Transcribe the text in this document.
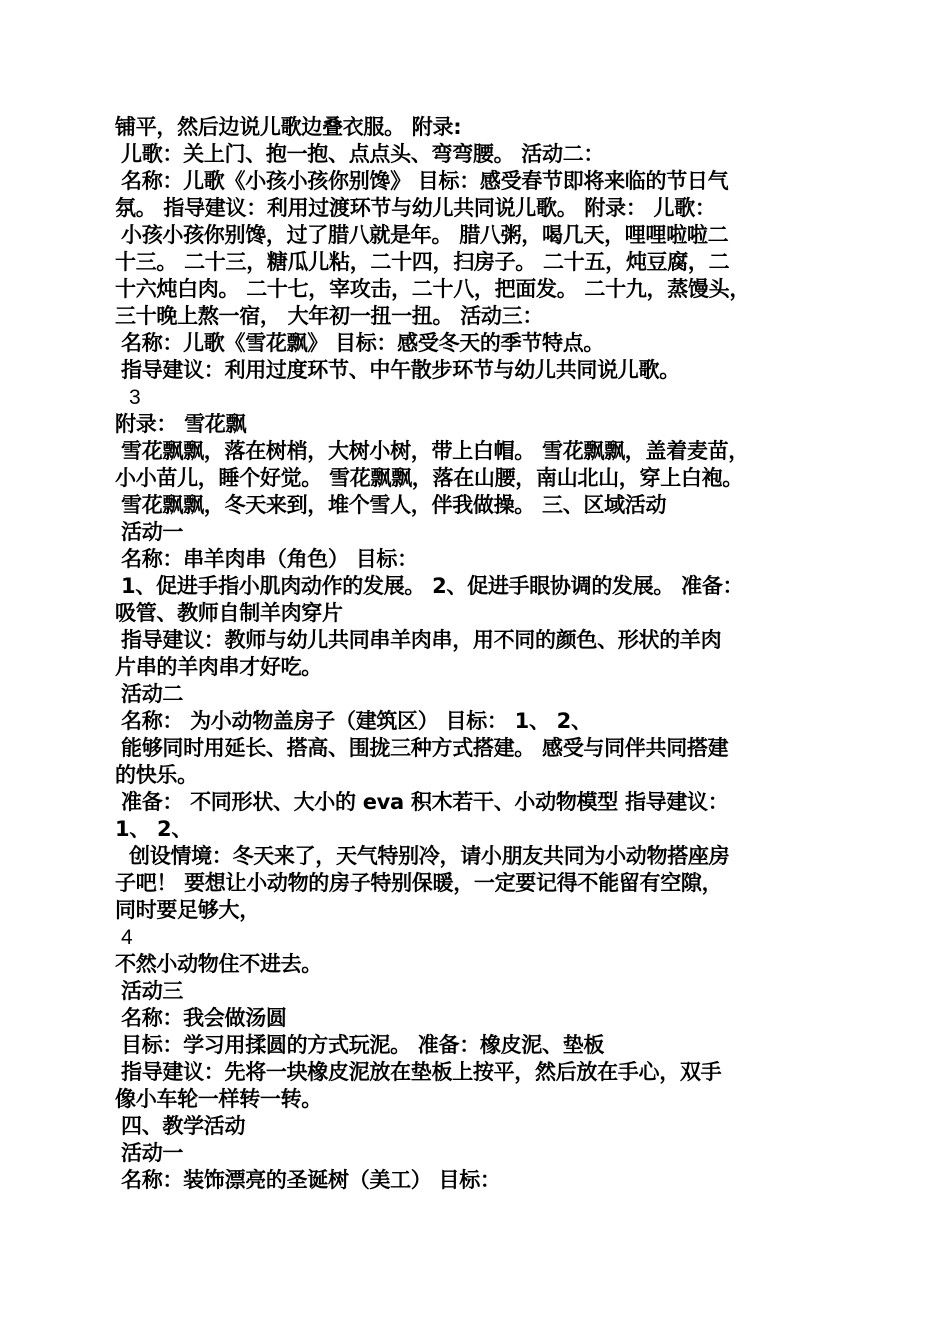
铺平，然后边说儿歌边叠衣服。 附录:
儿歌：关上门、抱一抱、点点头、弯弯腰。 活动二：
名称：儿歌《小孩小孩你别馋》 目标：感受春节即将来临的节日气
氛。 指导建议：利用过渡环节与幼儿共同说儿歌。 附录： 儿歌：
小孩小孩你别馋，过了腊八就是年。 腊八粥，喝几天，哩哩啦啦二
十三。 二十三，糖瓜儿粘，二十四，扫房子。 二十五，炖豆腐，二
十六炖白肉。 二十七，宰攻击，二十八，把面发。 二十九，蒸馒头，
三十晚上熬一宿， 大年初一扭一扭。 活动三：
名称：儿歌《雪花飘》 目标：感受冬天的季节特点。
指导建议：利用过度环节、中午散步环节与幼儿共同说儿歌。
3
附录： 雪花飘
雪花飘飘，落在树梢，大树小树，带上白帽。 雪花飘飘，盖着麦苗，
小小苗儿，睡个好觉。 雪花飘飘，落在山腰，南山北山，穿上白袍。
雪花飘飘，冬天来到，堆个雪人，伴我做操。 三、区域活动
活动一
名称：串羊肉串（角色） 目标：
1、促进手指小肌肉动作的发展。 2、促进手眼协调的发展。 准备：
吸管、教师自制羊肉穿片
指导建议：教师与幼儿共同串羊肉串，用不同的颜色、形状的羊肉
片串的羊肉串才好吃。
活动二
名称： 为小动物盖房子（建筑区） 目标： 1、 2、
能够同时用延长、搭高、围拢三种方式搭建。 感受与同伴共同搭建
的快乐。
准备： 不同形状、大小的 eva 积木若干、小动物模型 指导建议：
1、 2、
创设情境：冬天来了，天气特别冷，请小朋友共同为小动物搭座房
子吧！ 要想让小动物的房子特别保暖，一定要记得不能留有空隙，
同时要足够大，
4
不然小动物住不进去。
活动三
名称：我会做汤圆
目标：学习用揉圆的方式玩泥。 准备：橡皮泥、垫板
指导建议：先将一块橡皮泥放在垫板上按平，然后放在手心，双手
像小车轮一样转一转。
四、教学活动
活动一
名称：装饰漂亮的圣诞树（美工） 目标：
